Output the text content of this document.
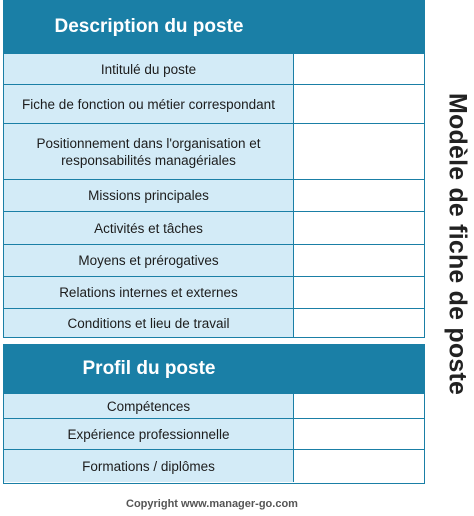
Description du poste
Intitulé du poste
Fiche de fonction ou métier correspondant
Positionnement dans l'organisation et responsabilités managériales
Missions principales
Activités et tâches
Moyens et prérogatives
Relations internes et externes
Conditions et lieu de travail
Profil du poste
Compétences
Expérience professionnelle
Formations / diplômes
Modèle de fiche de poste
Copyright www.manager-go.com
